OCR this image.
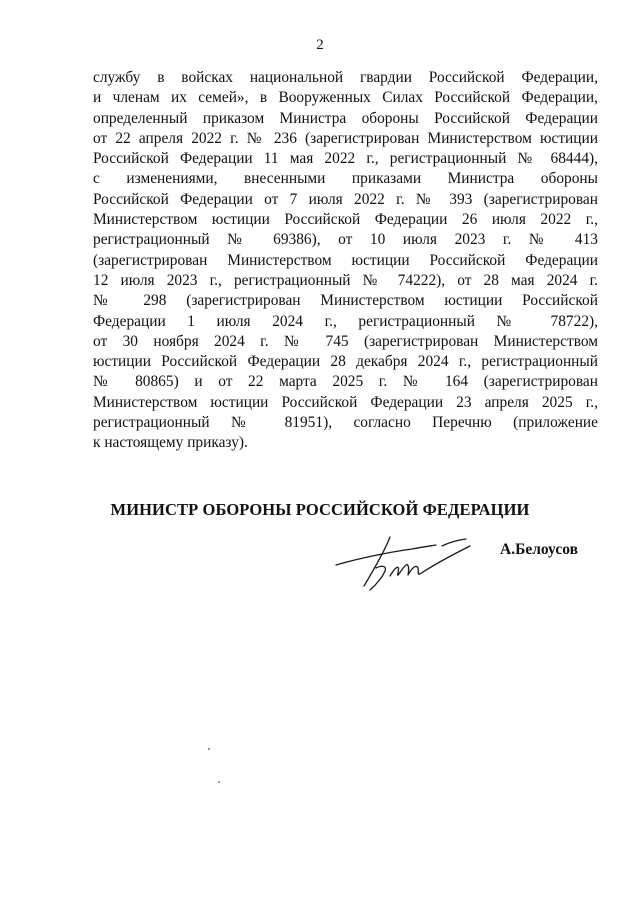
2
службу в войсках национальной гвардии Российской Федерации,
и членам их семей», в Вооруженных Силах Российской Федерации,
определенный приказом Министра обороны Российской Федерации
от 22 апреля 2022 г. № 236 (зарегистрирован Министерством юстиции
Российской Федерации 11 мая 2022 г., регистрационный № 68444),
с изменениями, внесенными приказами Министра обороны
Российской Федерации от 7 июля 2022 г. № 393 (зарегистрирован
Министерством юстиции Российской Федерации 26 июля 2022 г.,
регистрационный № 69386), от 10 июля 2023 г. № 413
(зарегистрирован Министерством юстиции Российской Федерации
12 июля 2023 г., регистрационный № 74222), от 28 мая 2024 г.
№ 298 (зарегистрирован Министерством юстиции Российской
Федерации 1 июля 2024 г., регистрационный № 78722),
от 30 ноября 2024 г. № 745 (зарегистрирован Министерством
юстиции Российской Федерации 28 декабря 2024 г., регистрационный
№ 80865) и от 22 марта 2025 г. № 164 (зарегистрирован
Министерством юстиции Российской Федерации 23 апреля 2025 г.,
регистрационный № 81951), согласно Перечню (приложение
к настоящему приказу).
МИНИСТР ОБОРОНЫ РОССИЙСКОЙ ФЕДЕРАЦИИ
А.Белоусов
